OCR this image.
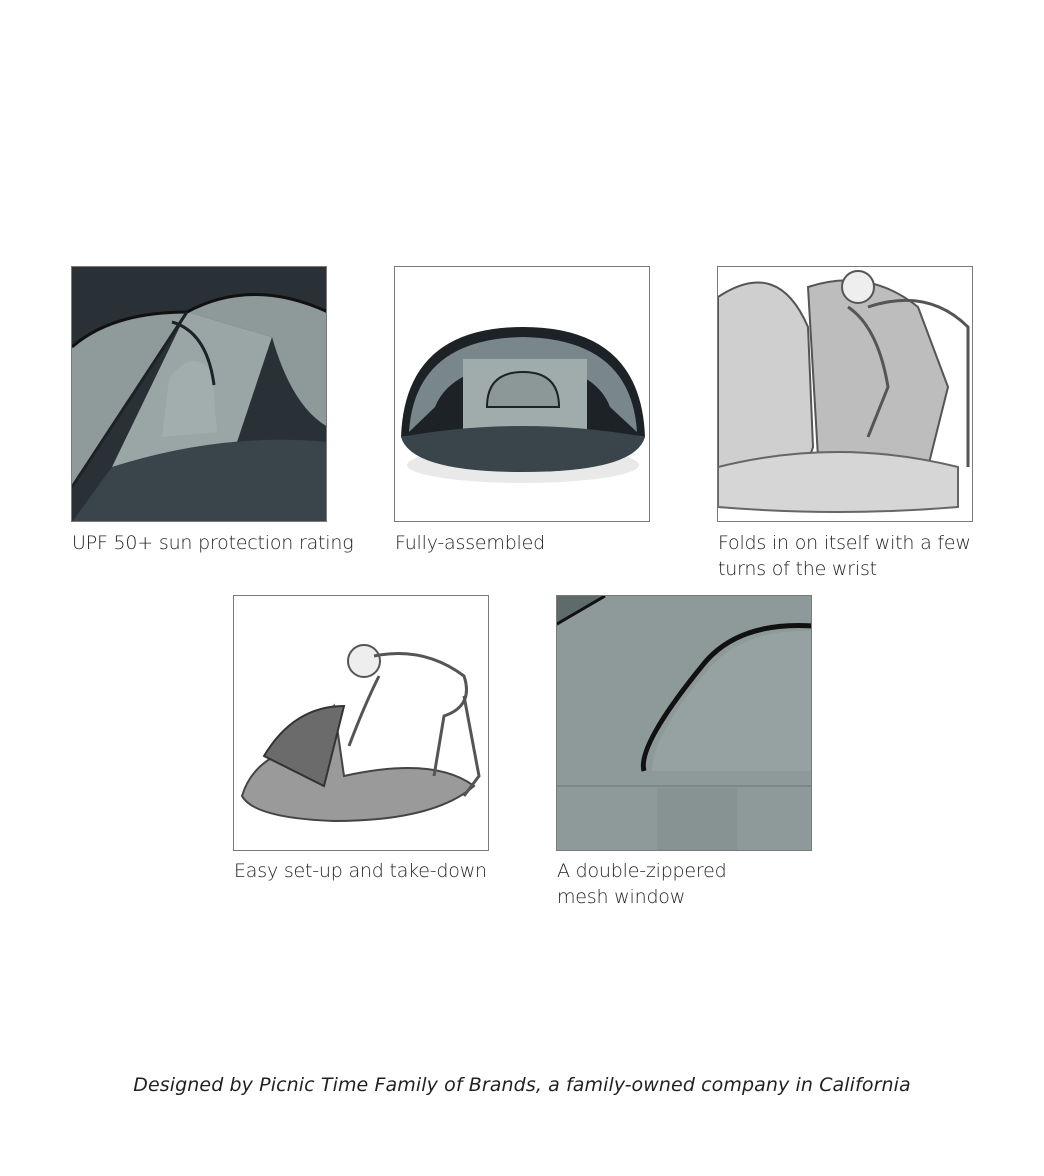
UPF 50+ sun protection rating Fully-assembled	Folds in on itself with a few
turns of the wrist
Easy set-up and take-down	A double-zippered
mesh window
Designed by Picnic Time Family of Brands, a family-owned company in California
